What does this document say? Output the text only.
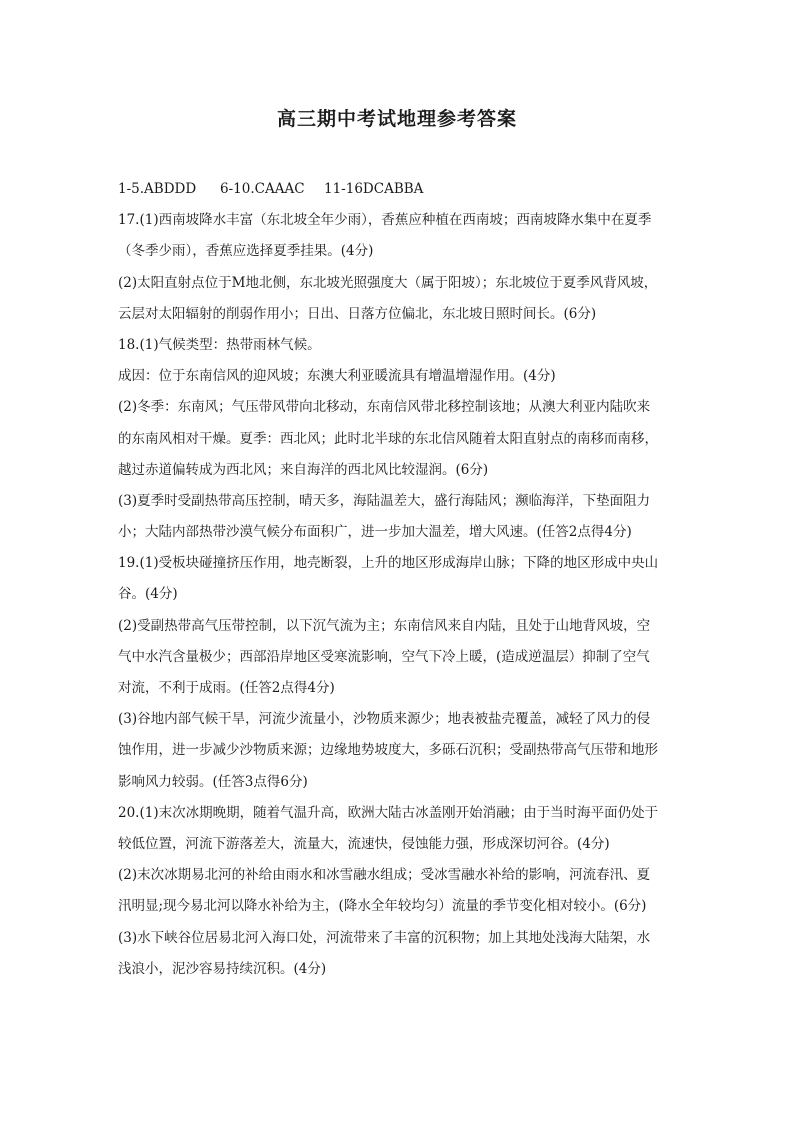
高三期中考试地理参考答案
1-5.ABDDD	6-10.CAAAC	11-16DCABBA
17.(1)西南坡降水丰富（东北坡全年少雨），香蕉应种植在西南坡；西南坡降水集中在夏季
（冬季少雨），香蕉应选择夏季挂果。(4分)
(2)太阳直射点位于M地北侧，东北坡光照强度大（属于阳坡）；东北坡位于夏季风背风坡，
云层对太阳辐射的削弱作用小；日出、日落方位偏北，东北坡日照时间长。(6分)
18.(1)气候类型：热带雨林气候。
成因：位于东南信风的迎风坡；东澳大利亚暖流具有增温增湿作用。(4分)
(2)冬季：东南风；气压带风带向北移动，东南信风带北移控制该地；从澳大利亚内陆吹来
的东南风相对干燥。夏季：西北风；此时北半球的东北信风随着太阳直射点的南移而南移，
越过赤道偏转成为西北风；来自海洋的西北风比较湿润。(6分)
(3)夏季时受副热带高压控制，晴天多，海陆温差大，盛行海陆风；濒临海洋，下垫面阻力
小；大陆内部热带沙漠气候分布面积广，进一步加大温差，增大风速。(任答2点得4分)
19.(1)受板块碰撞挤压作用，地壳断裂，上升的地区形成海岸山脉；下降的地区形成中央山
谷。(4分)
(2)受副热带高气压带控制，以下沉气流为主；东南信风来自内陆，且处于山地背风坡，空
气中水汽含量极少；西部沿岸地区受寒流影响，空气下冷上暖，(造成逆温层）抑制了空气
对流，不利于成雨。(任答2点得4分)
(3)谷地内部气候干旱，河流少流量小，沙物质来源少；地表被盐壳覆盖，减轻了风力的侵
蚀作用，进一步减少沙物质来源；边缘地势坡度大，多砾石沉积；受副热带高气压带和地形
影响风力较弱。(任答3点得6分)
20.(1)末次冰期晚期，随着气温升高，欧洲大陆古冰盖刚开始消融；由于当时海平面仍处于
较低位置，河流下游落差大，流量大，流速快，侵蚀能力强，形成深切河谷。(4分)
(2)末次冰期易北河的补给由雨水和冰雪融水组成；受冰雪融水补给的影响，河流春汛、夏
汛明显;现今易北河以降水补给为主，(降水全年较均匀）流量的季节变化相对较小。(6分)
(3)水下峡谷位居易北河入海口处，河流带来了丰富的沉积物；加上其地处浅海大陆架，水
浅浪小，泥沙容易持续沉积。(4分)
